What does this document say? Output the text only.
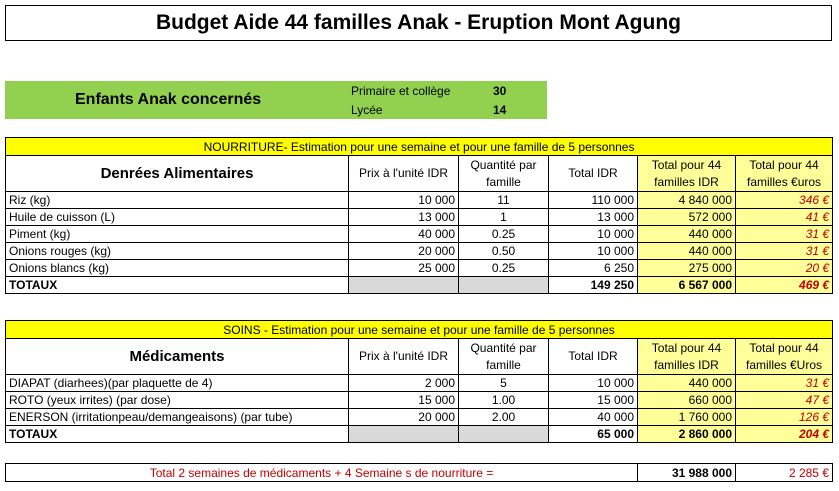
Budget Aide 44 familles Anak - Eruption Mont Agung
Enfants Anak concernés	Primaire et collège	30
Lycée	14
NOURRITURE- Estimation pour une semaine et pour une famille de 5 personnes					
Denrées Alimentaires	Prix à l'unité IDR	Quantité par famille	Total IDR	Total pour 44 familles IDR	Total pour 44 familles €uros
Riz (kg)	10 000	11	110 000	4 840 000	346 €
Huile de cuisson (L)	13 000	1	13 000	572 000	41 €
Piment (kg)	40 000	0.25	10 000	440 000	31 €
Onions rouges (kg)	20 000	0.50	10 000	440 000	31 €
Onions blancs (kg)	25 000	0.25	6 250	275 000	20 €
TOTAUX			149 250	6 567 000	469 €
SOINS - Estimation pour une semaine et pour une famille de 5 personnes					
Médicaments	Prix à l'unité IDR	Quantité par famille	Total IDR	Total pour 44 familles IDR	Total pour 44 familles €Uros
DIAPAT (diarhees)(par plaquette de 4)	2 000	5	10 000	440 000	31 €
ROTO (yeux irrites) (par dose)	15 000	1.00	15 000	660 000	47 €
ENERSON (irritationpeau/demangeaisons) (par tube)	20 000	2.00	40 000	1 760 000	126 €
TOTAUX			65 000	2 860 000	204 €
Total 2 semaines de médicaments + 4 Semaine s de nourriture =	31 988 000	2 285 €
